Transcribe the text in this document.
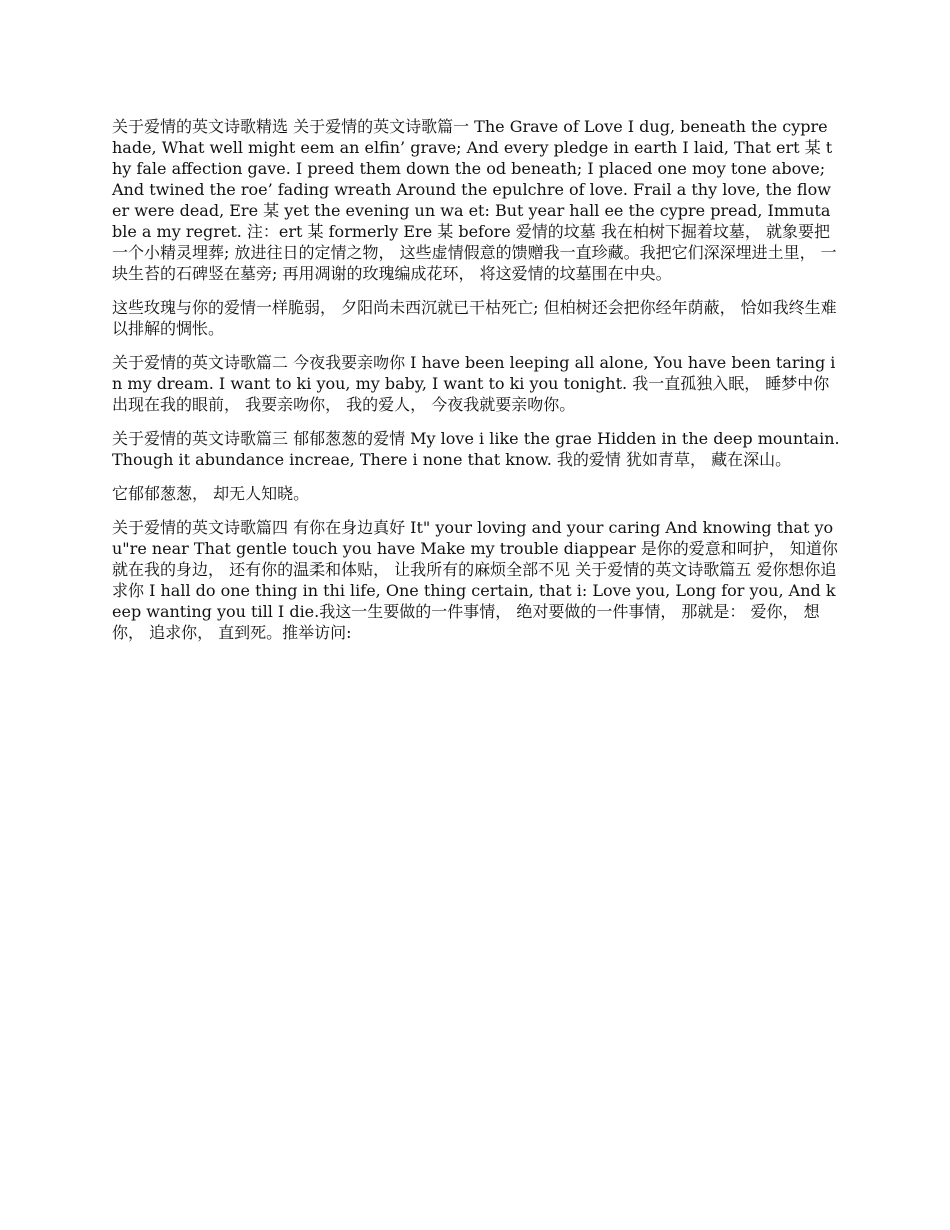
关于爱情的英文诗歌精选 关于爱情的英文诗歌篇一 The Grave of Love I dug, beneath the cypre hade, What well might eem an elfin’ grave; And every pledge in earth I laid, That ert 某 thy fale affection gave. I preed them down the od beneath; I placed one moy tone above; And twined the roe’ fading wreath Around the epulchre of love. Frail a thy love, the flower were dead, Ere 某 yet the evening un wa et: But year hall ee the cypre pread, Immutable a my regret. 注：ert 某 formerly Ere 某 before 爱情的坟墓 我在柏树下掘着坟墓， 就象要把一个小精灵埋葬; 放进往日的定情之物， 这些虚情假意的馈赠我一直珍藏。我把它们深深埋进土里， 一块生苔的石碑竖在墓旁; 再用凋谢的玫瑰编成花环， 将这爱情的坟墓围在中央。

这些玫瑰与你的爱情一样脆弱， 夕阳尚未西沉就已干枯死亡; 但柏树还会把你经年荫蔽， 恰如我终生难以排解的惆怅。

关于爱情的英文诗歌篇二 今夜我要亲吻你 I have been leeping all alone, You have been taring in my dream. I want to ki you, my baby, I want to ki you tonight. 我一直孤独入眠， 睡梦中你出现在我的眼前， 我要亲吻你， 我的爱人， 今夜我就要亲吻你。

关于爱情的英文诗歌篇三 郁郁葱葱的爱情 My love i like the grae Hidden in the deep mountain. Though it abundance increae, There i none that know. 我的爱情 犹如青草， 藏在深山。

它郁郁葱葱， 却无人知晓。

关于爱情的英文诗歌篇四 有你在身边真好 It" your loving and your caring And knowing that you"re near That gentle touch you have Make my trouble diappear 是你的爱意和呵护， 知道你就在我的身边， 还有你的温柔和体贴， 让我所有的麻烦全部不见 关于爱情的英文诗歌篇五 爱你想你追求你 I hall do one thing in thi life, One thing certain, that i: Love you, Long for you, And keep wanting you till I die.我这一生要做的一件事情， 绝对要做的一件事情， 那就是： 爱你， 想你， 追求你， 直到死。推举访问:
